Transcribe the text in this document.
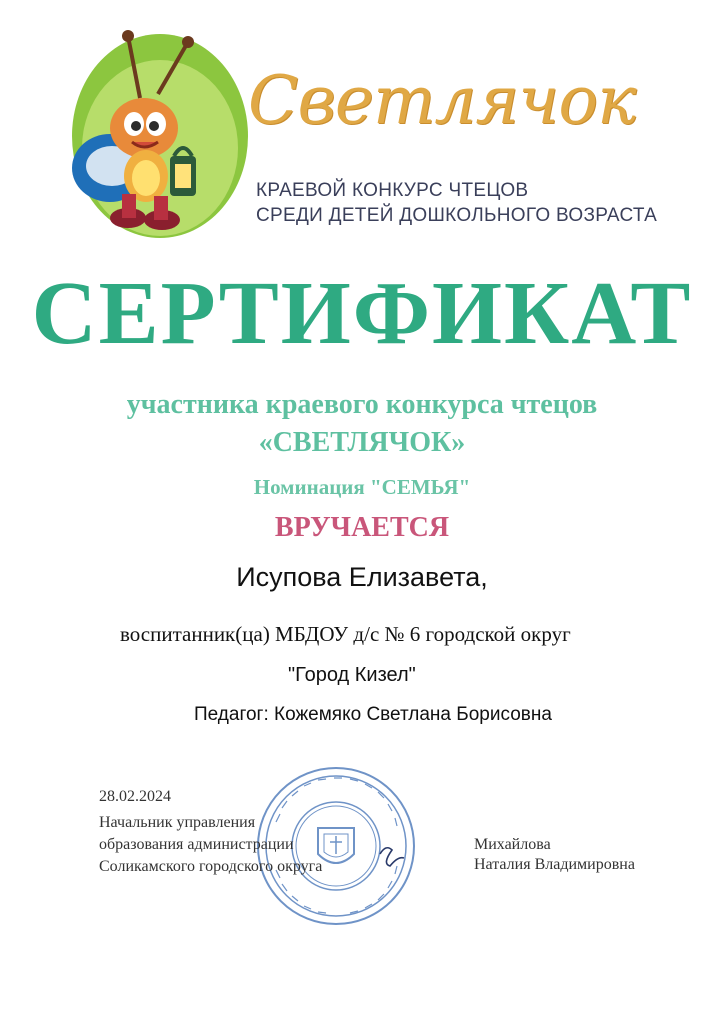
Светлячок
КРАЕВОЙ КОНКУРС ЧТЕЦОВ
СРЕДИ ДЕТЕЙ ДОШКОЛЬНОГО ВОЗРАСТА
СЕРТИФИКАТ
участника краевого конкурса чтецов
«СВЕТЛЯЧОК»
Номинация "СЕМЬЯ"
ВРУЧАЕТСЯ
Исупова Елизавета,
воспитанник(ца) МБДОУ д/с № 6 городской округ
"Город Кизел"
Педагог: Кожемяко Светлана Борисовна
28.02.2024
Начальник управления
образования администрации
Соликамского городского округа
Михайлова
Наталия Владимировна
